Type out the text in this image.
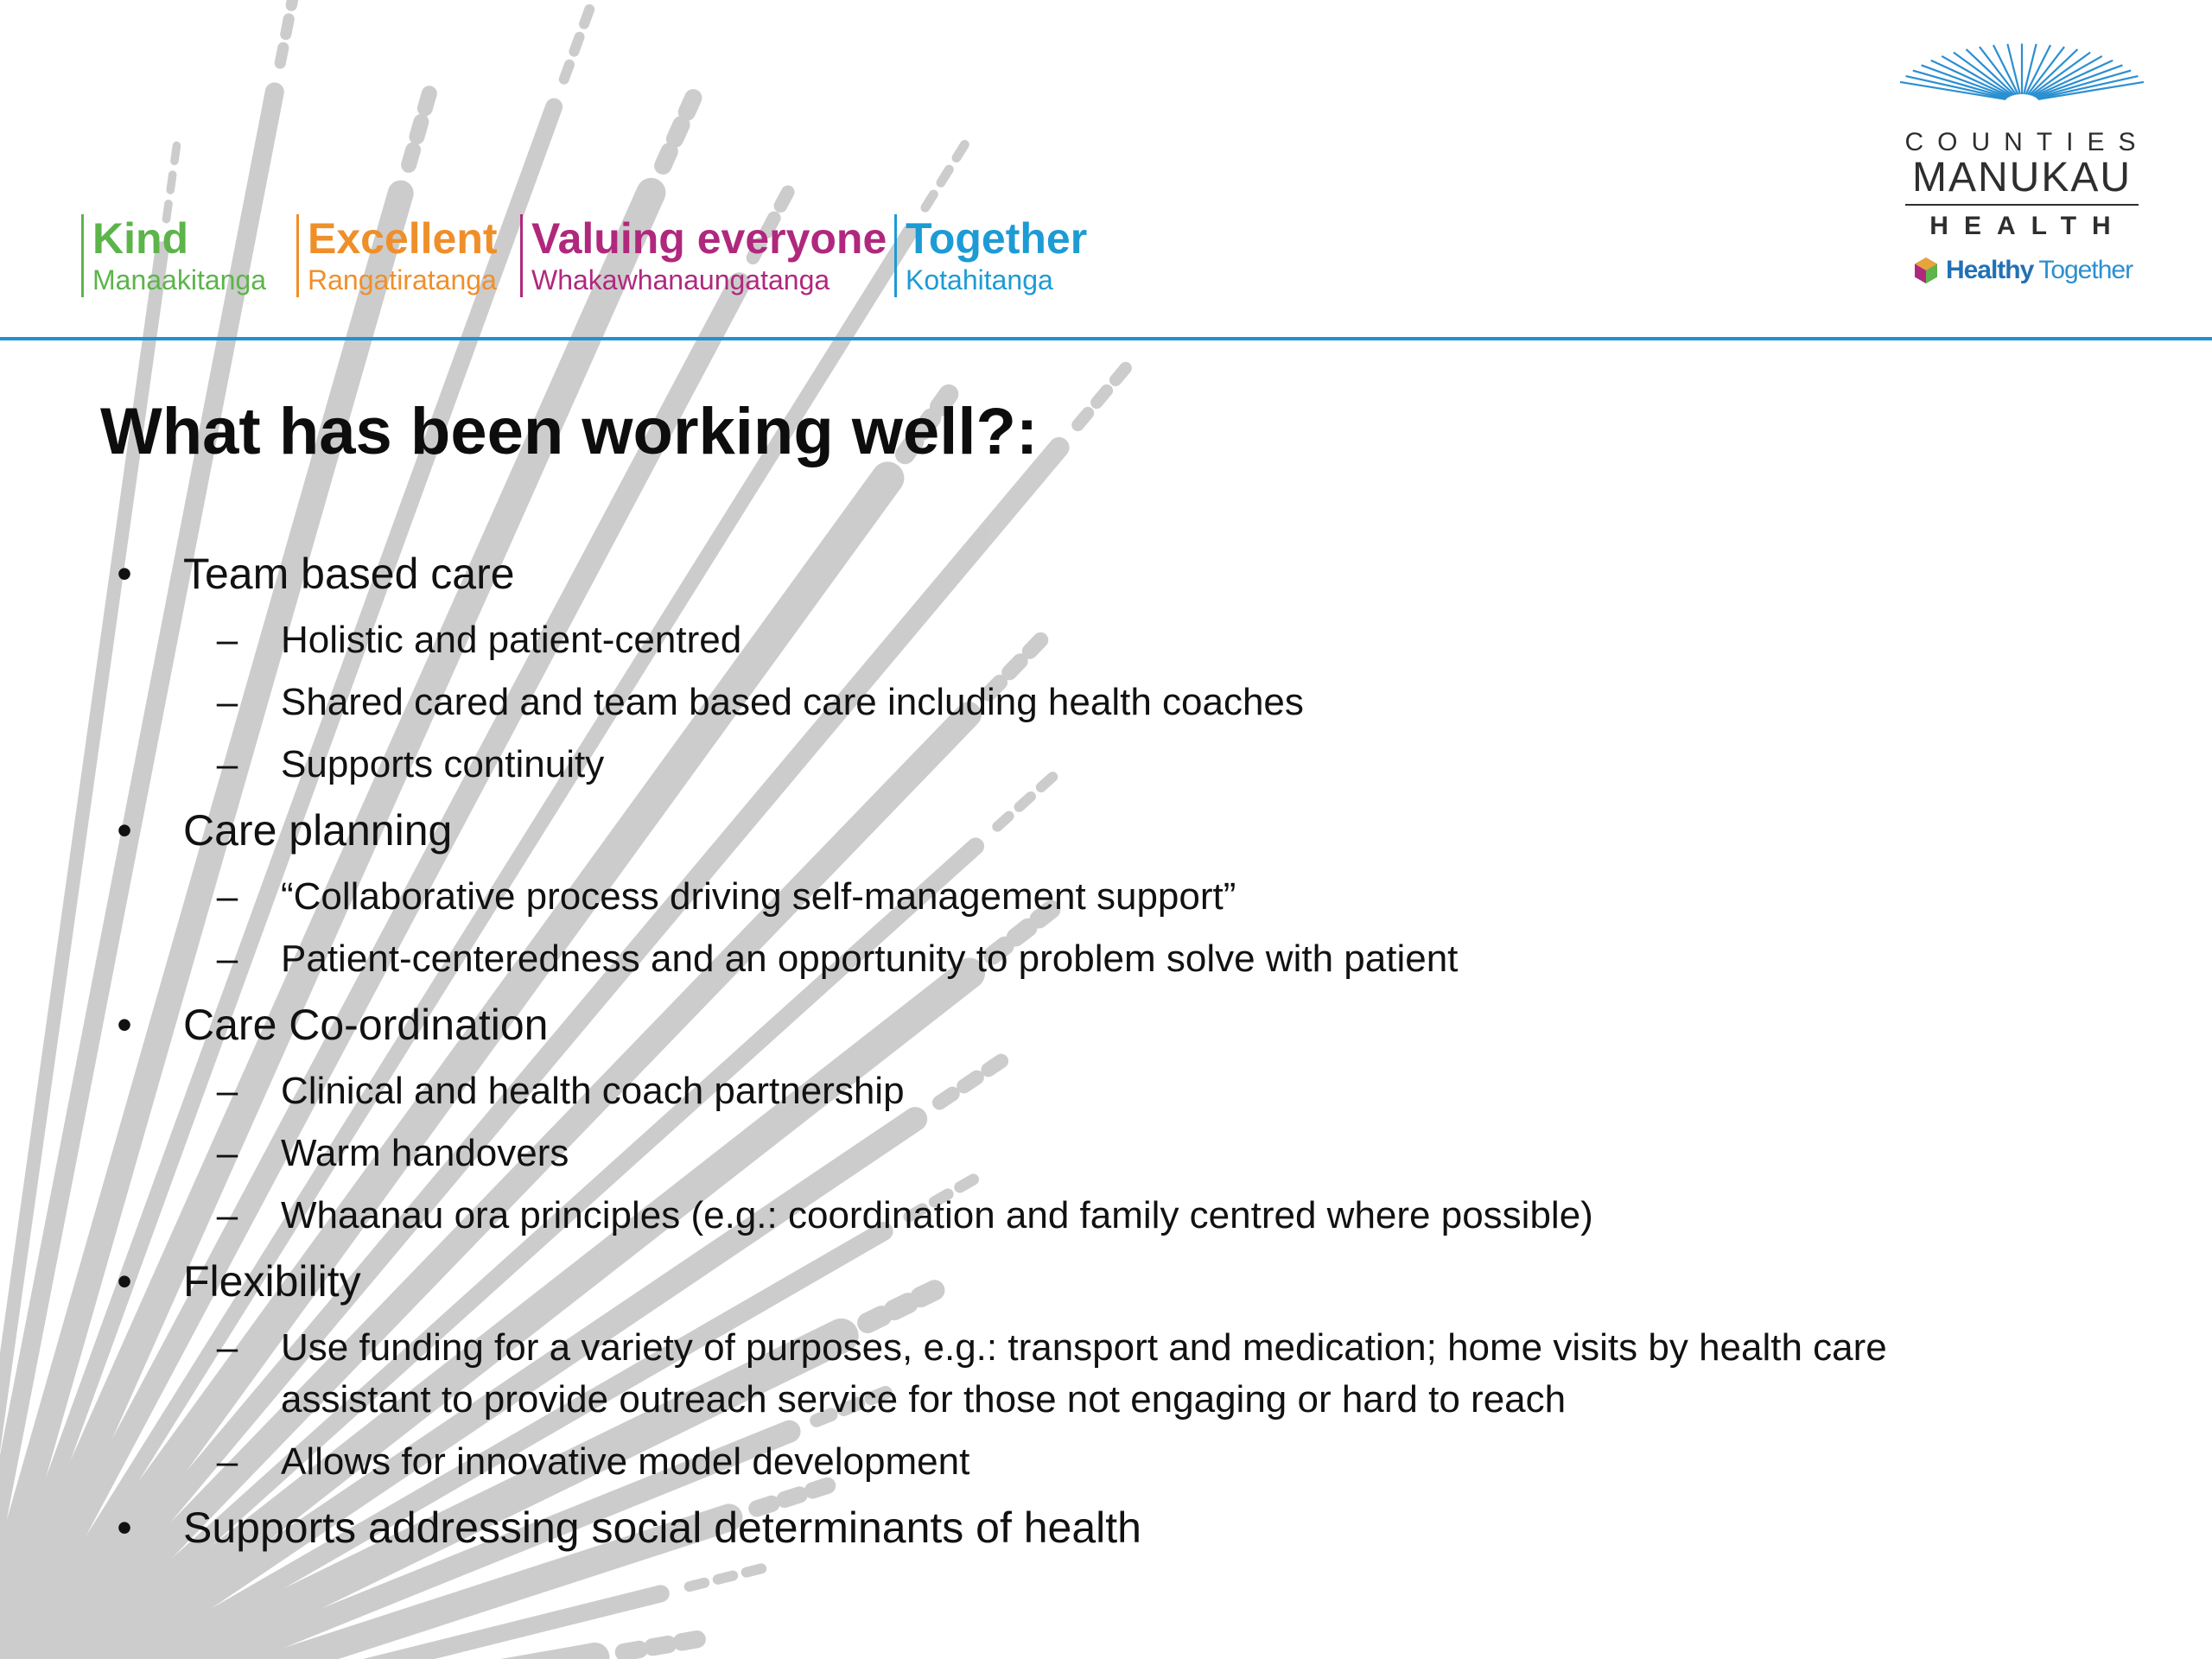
Kind
Manaakitanga
Excellent
Rangatiratanga
Valuing everyone
Whakawhanaungatanga
Together
Kotahitanga
COUNTIES
MANUKAU
HEALTH
Healthy Together
What has been working well?:
• Team based care
– Holistic and patient-centred
– Shared cared and team based care including health coaches
– Supports continuity
• Care planning
– “Collaborative process driving self-management support”
– Patient-centeredness and an opportunity to problem solve with patient
• Care Co-ordination
– Clinical and health coach partnership
– Warm handovers
– Whaanau ora principles (e.g.: coordination and family centred where possible)
• Flexibility
– Use funding for a variety of purposes, e.g.: transport and medication; home visits by health care
assistant to provide outreach service for those not engaging or hard to reach
– Allows for innovative model development
• Supports addressing social determinants of health
